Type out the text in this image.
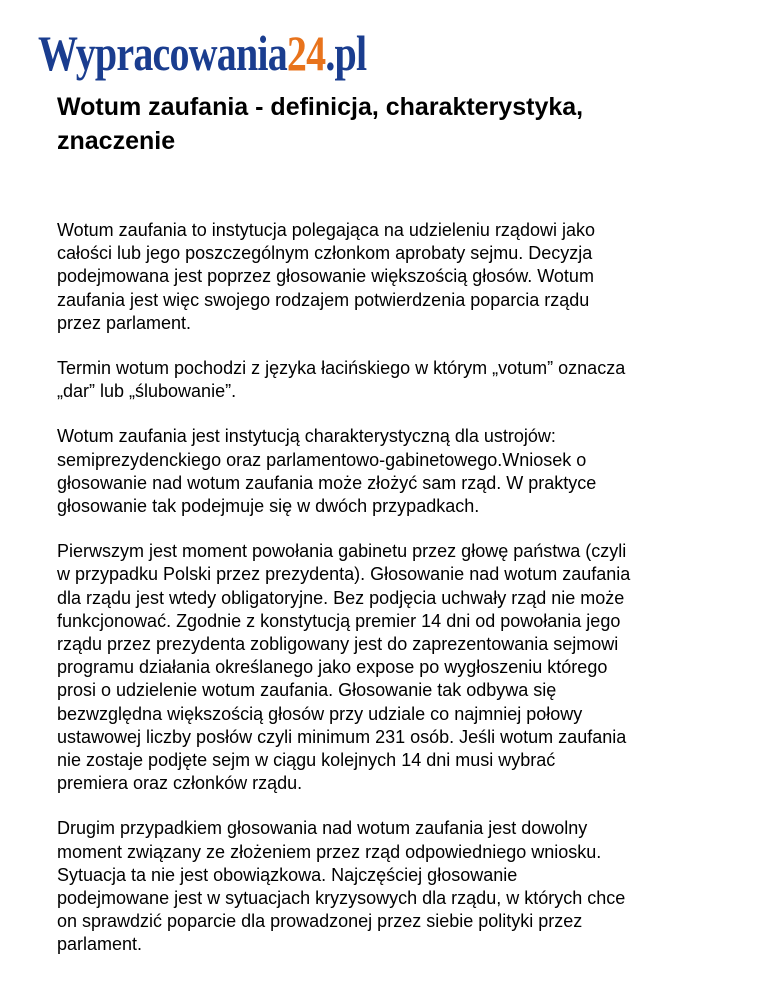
Wypracowania 24 .pl
Wotum zaufania - definicja, charakterystyka,
znaczenie

Wotum zaufania to instytucja polegająca na udzieleniu rządowi jako
całości lub jego poszczególnym członkom aprobaty sejmu. Decyzja
podejmowana jest poprzez głosowanie większością głosów. Wotum
zaufania jest więc swojego rodzajem potwierdzenia poparcia rządu
przez parlament.

Termin wotum pochodzi z języka łacińskiego w którym „votum” oznacza
„dar” lub „ślubowanie”.

Wotum zaufania jest instytucją charakterystyczną dla ustrojów:
semiprezydenckiego oraz parlamentowo-gabinetowego.Wniosek o
głosowanie nad wotum zaufania może złożyć sam rząd. W praktyce
głosowanie tak podejmuje się w dwóch przypadkach.

Pierwszym jest moment powołania gabinetu przez głowę państwa (czyli
w przypadku Polski przez prezydenta). Głosowanie nad wotum zaufania
dla rządu jest wtedy obligatoryjne. Bez podjęcia uchwały rząd nie może
funkcjonować. Zgodnie z konstytucją premier 14 dni od powołania jego
rządu przez prezydenta zobligowany jest do zaprezentowania sejmowi
programu działania określanego jako expose po wygłoszeniu którego
prosi o udzielenie wotum zaufania. Głosowanie tak odbywa się
bezwzględna większością głosów przy udziale co najmniej połowy
ustawowej liczby posłów czyli minimum 231 osób. Jeśli wotum zaufania
nie zostaje podjęte sejm w ciągu kolejnych 14 dni musi wybrać
premiera oraz członków rządu.

Drugim przypadkiem głosowania nad wotum zaufania jest dowolny
moment związany ze złożeniem przez rząd odpowiedniego wniosku.
Sytuacja ta nie jest obowiązkowa. Najczęściej głosowanie
podejmowane jest w sytuacjach kryzysowych dla rządu, w których chce
on sprawdzić poparcie dla prowadzonej przez siebie polityki przez
parlament.
